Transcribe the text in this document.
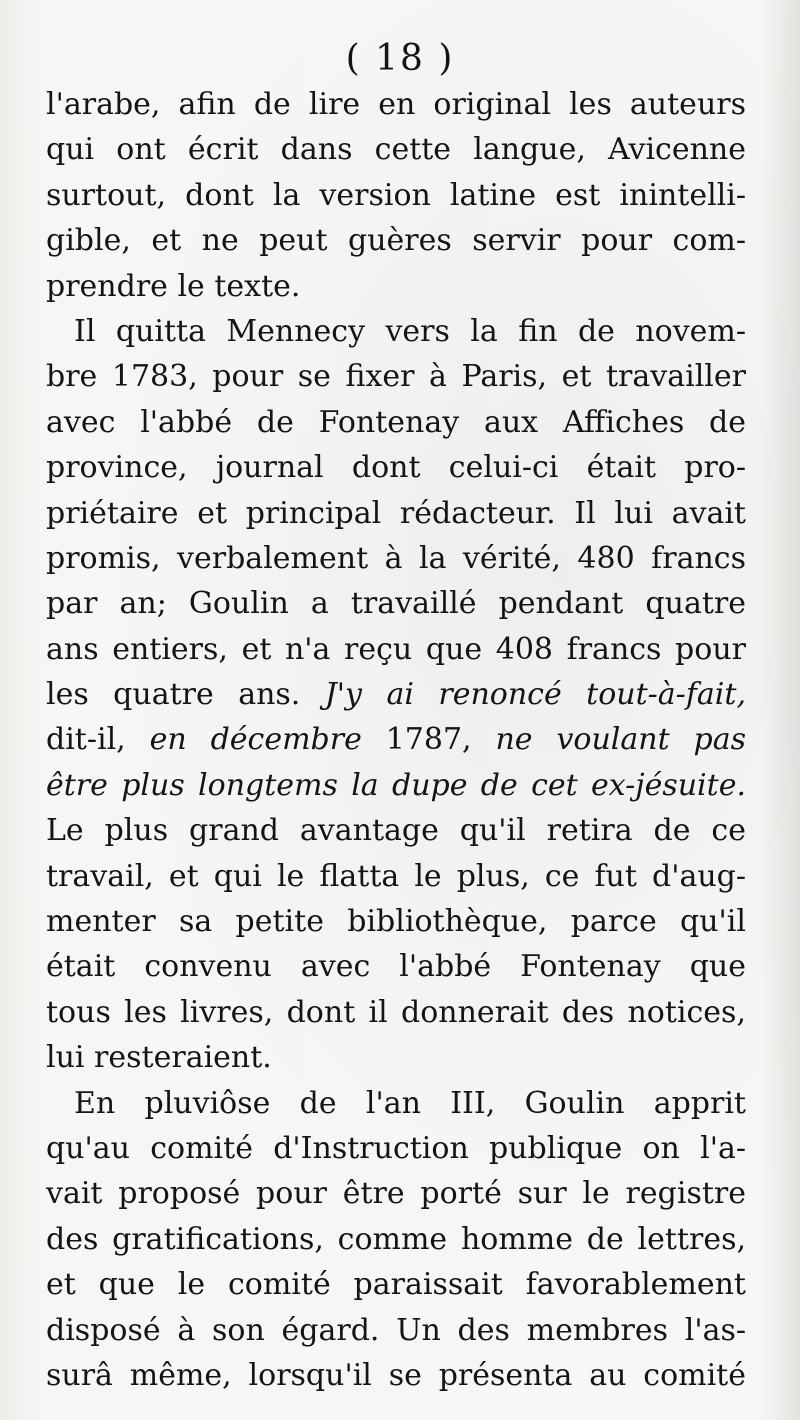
( 18 )
l'arabe, afin de lire en original les auteurs
qui ont écrit dans cette langue, Avicenne
surtout, dont la version latine est inintelli-
gible, et ne peut guères servir pour com-
prendre le texte.
Il quitta Mennecy vers la fin de novem-
bre 1783, pour se fixer à Paris, et travailler
avec l'abbé de Fontenay aux Affiches de
province, journal dont celui-ci était pro-
priétaire et principal rédacteur. Il lui avait
promis, verbalement à la vérité, 480 francs
par an; Goulin a travaillé pendant quatre
ans entiers, et n'a reçu que 408 francs pour
les quatre ans. J'y ai renoncé tout-à-fait,
dit-il, en décembre 1787, ne voulant pas
être plus longtems la dupe de cet ex-jésuite.
Le plus grand avantage qu'il retira de ce
travail, et qui le flatta le plus, ce fut d'aug-
menter sa petite bibliothèque, parce qu'il
était convenu avec l'abbé Fontenay que
tous les livres, dont il donnerait des notices,
lui resteraient.
En pluviôse de l'an III, Goulin apprit
qu'au comité d'Instruction publique on l'a-
vait proposé pour être porté sur le registre
des gratifications, comme homme de lettres,
et que le comité paraissait favorablement
disposé à son égard. Un des membres l'as-
surâ même, lorsqu'il se présenta au comité
